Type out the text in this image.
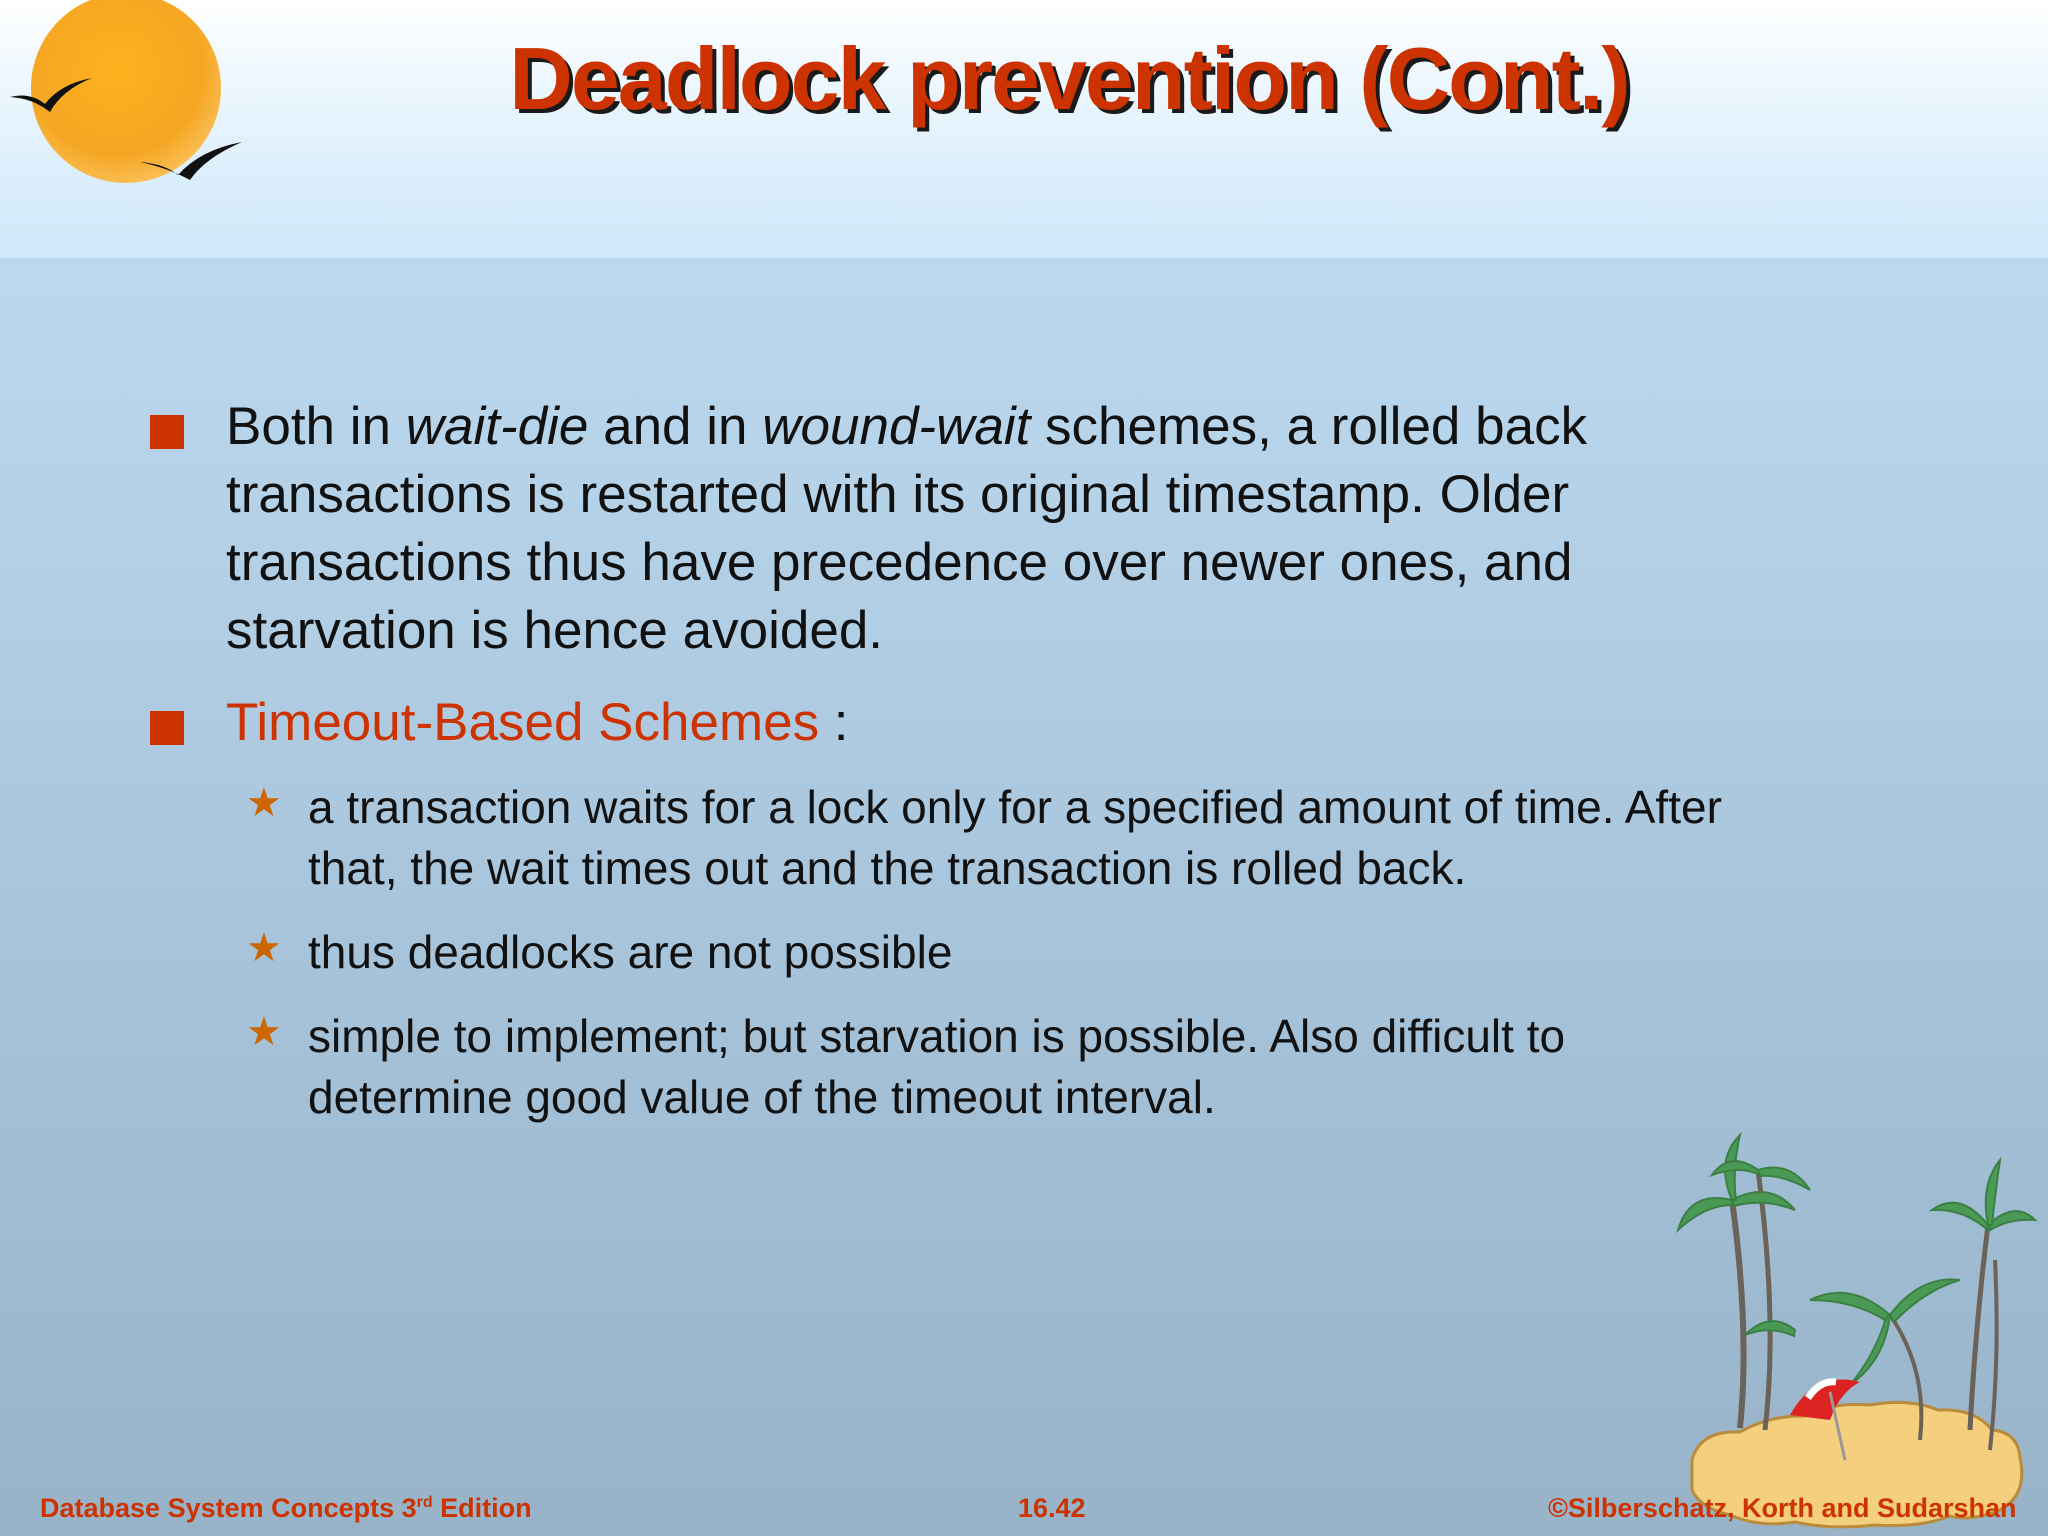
Deadlock prevention (Cont.)
Both in wait-die and in wound-wait schemes, a rolled back transactions is restarted with its original timestamp. Older transactions thus have precedence over newer ones, and starvation is hence avoided.
Timeout-Based Schemes :
★ a transaction waits for a lock only for a specified amount of time. After that, the wait times out and the transaction is rolled back.
★ thus deadlocks are not possible
★ simple to implement; but starvation is possible. Also difficult to determine good value of the timeout interval.
Database System Concepts 3rd Edition	16.42	©Silberschatz, Korth and Sudarshan
